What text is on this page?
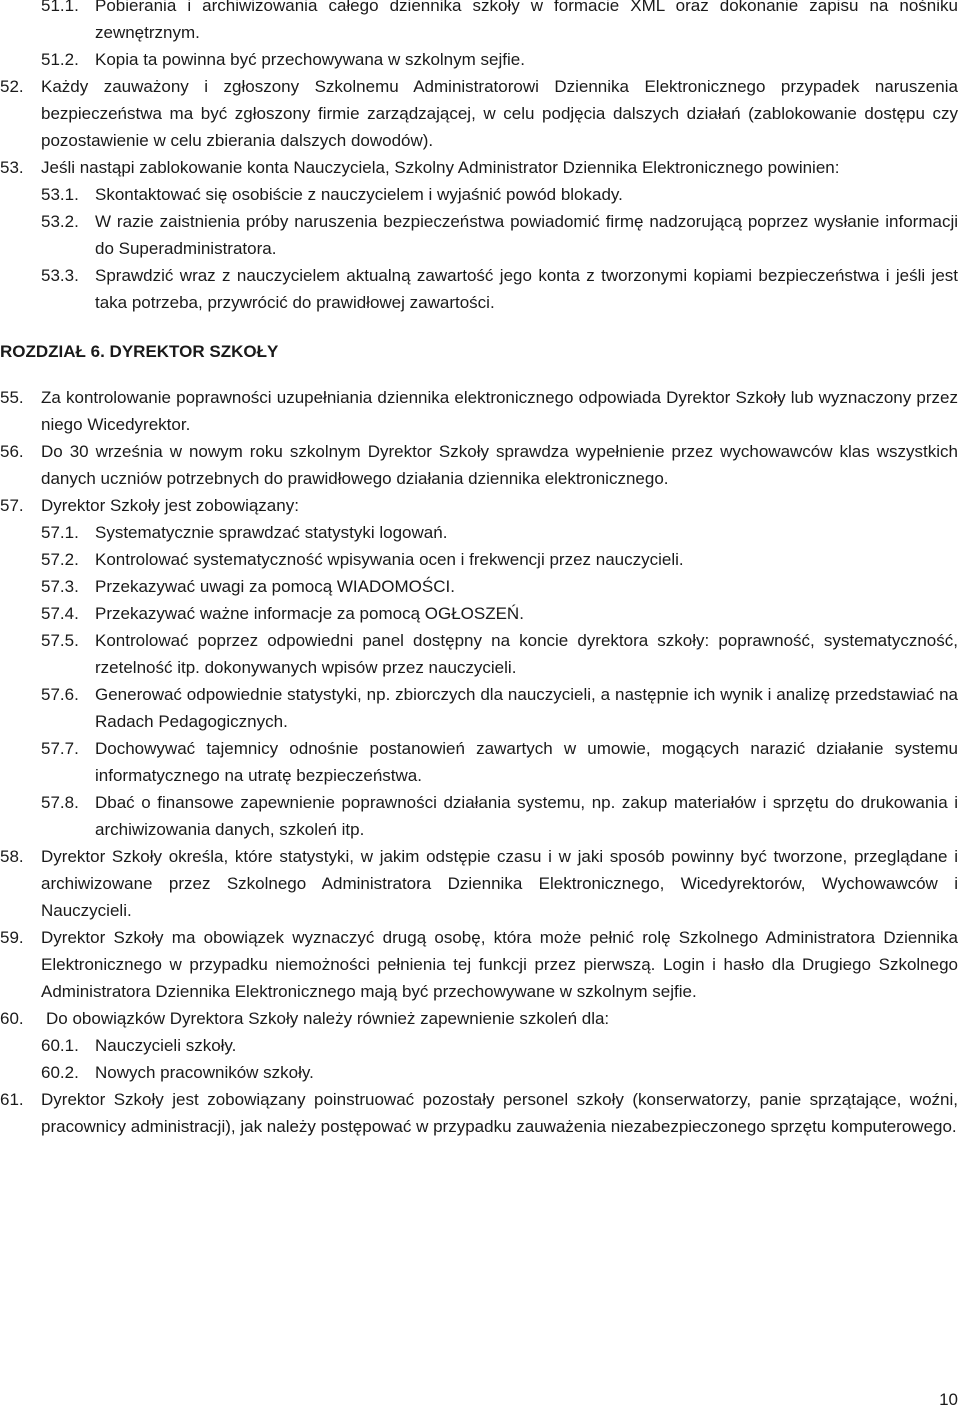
51.1. Pobierania i archiwizowania całego dziennika szkoły w formacie XML oraz dokonanie zapisu na nośniku zewnętrznym.
51.2. Kopia ta powinna być przechowywana w szkolnym sejfie.
52.	Każdy zauważony i zgłoszony Szkolnemu Administratorowi Dziennika Elektronicznego przypadek naruszenia bezpieczeństwa ma być zgłoszony firmie zarządzającej, w celu podjęcia dalszych działań (zablokowanie dostępu czy pozostawienie w celu zbierania dalszych dowodów).
53.	Jeśli nastąpi zablokowanie konta Nauczyciela, Szkolny Administrator Dziennika Elektronicznego powinien:
53.1. Skontaktować się osobiście z nauczycielem i wyjaśnić powód blokady.
53.2. W razie zaistnienia próby naruszenia bezpieczeństwa powiadomić firmę nadzorującą poprzez wysłanie informacji do Superadministratora.
53.3. Sprawdzić wraz z nauczycielem aktualną zawartość jego konta z tworzonymi kopiami bezpieczeństwa i jeśli jest taka potrzeba, przywrócić do prawidłowej zawartości.
ROZDZIAŁ 6. DYREKTOR SZKOŁY
55.	Za kontrolowanie poprawności uzupełniania dziennika elektronicznego odpowiada Dyrektor Szkoły lub wyznaczony przez niego Wicedyrektor.
56.	Do 30 września w nowym roku szkolnym Dyrektor Szkoły sprawdza wypełnienie przez wychowawców klas wszystkich danych uczniów potrzebnych do prawidłowego działania dziennika elektronicznego.
57.	Dyrektor Szkoły jest zobowiązany:
57.1. Systematycznie sprawdzać statystyki logowań.
57.2. Kontrolować systematyczność wpisywania ocen i frekwencji przez nauczycieli.
57.3. Przekazywać uwagi za pomocą WIADOMOŚCI.
57.4. Przekazywać ważne informacje za pomocą OGŁOSZEŃ.
57.5. Kontrolować poprzez odpowiedni panel dostępny na koncie dyrektora szkoły: poprawność, systematyczność, rzetelność itp. dokonywanych wpisów przez nauczycieli.
57.6. Generować odpowiednie statystyki, np. zbiorczych dla nauczycieli, a następnie ich wynik i analizę przedstawiać na Radach Pedagogicznych.
57.7. Dochowywać tajemnicy odnośnie postanowień zawartych w umowie, mogących narazić działanie systemu informatycznego na utratę bezpieczeństwa.
57.8. Dbać o finansowe zapewnienie poprawności działania systemu, np. zakup materiałów i sprzętu do drukowania i archiwizowania danych, szkoleń itp.
58.	Dyrektor Szkoły określa, które statystyki, w jakim odstępie czasu i w jaki sposób powinny być tworzone, przeglądane i archiwizowane przez Szkolnego Administratora Dziennika Elektronicznego, Wicedyrektorów, Wychowawców i Nauczycieli.
59.	Dyrektor Szkoły ma obowiązek wyznaczyć drugą osobę, która może pełnić rolę Szkolnego Administratora Dziennika Elektronicznego w przypadku niemożności pełnienia tej funkcji przez pierwszą. Login i hasło dla Drugiego Szkolnego Administratora Dziennika Elektronicznego mają być przechowywane w szkolnym sejfie.
60.	Do obowiązków Dyrektora Szkoły należy również zapewnienie szkoleń dla:
60.1. Nauczycieli szkoły.
60.2. Nowych pracowników szkoły.
61.	Dyrektor Szkoły jest zobowiązany poinstruować pozostały personel szkoły (konserwatorzy, panie sprzątające, woźni, pracownicy administracji), jak należy postępować w przypadku zauważenia niezabezpieczonego sprzętu komputerowego.
10
